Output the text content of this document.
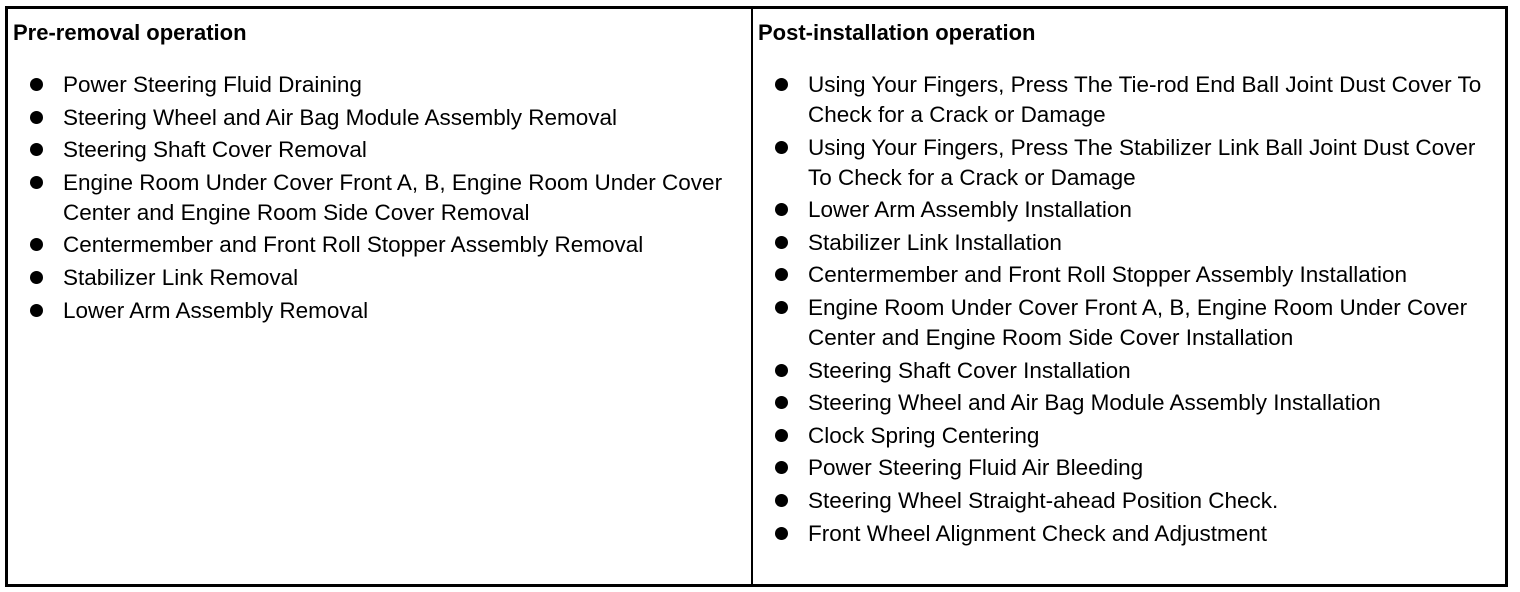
Pre-removal operation
Power Steering Fluid Draining
Steering Wheel and Air Bag Module Assembly Removal
Steering Shaft Cover Removal
Engine Room Under Cover Front A, B, Engine Room Under Cover Center and Engine Room Side Cover Removal
Centermember and Front Roll Stopper Assembly Removal
Stabilizer Link Removal
Lower Arm Assembly Removal
Post-installation operation
Using Your Fingers, Press The Tie-rod End Ball Joint Dust Cover To Check for a Crack or Damage
Using Your Fingers, Press The Stabilizer Link Ball Joint Dust Cover To Check for a Crack or Damage
Lower Arm Assembly Installation
Stabilizer Link Installation
Centermember and Front Roll Stopper Assembly Installation
Engine Room Under Cover Front A, B, Engine Room Under Cover Center and Engine Room Side Cover Installation
Steering Shaft Cover Installation
Steering Wheel and Air Bag Module Assembly Installation
Clock Spring Centering
Power Steering Fluid Air Bleeding
Steering Wheel Straight-ahead Position Check.
Front Wheel Alignment Check and Adjustment
